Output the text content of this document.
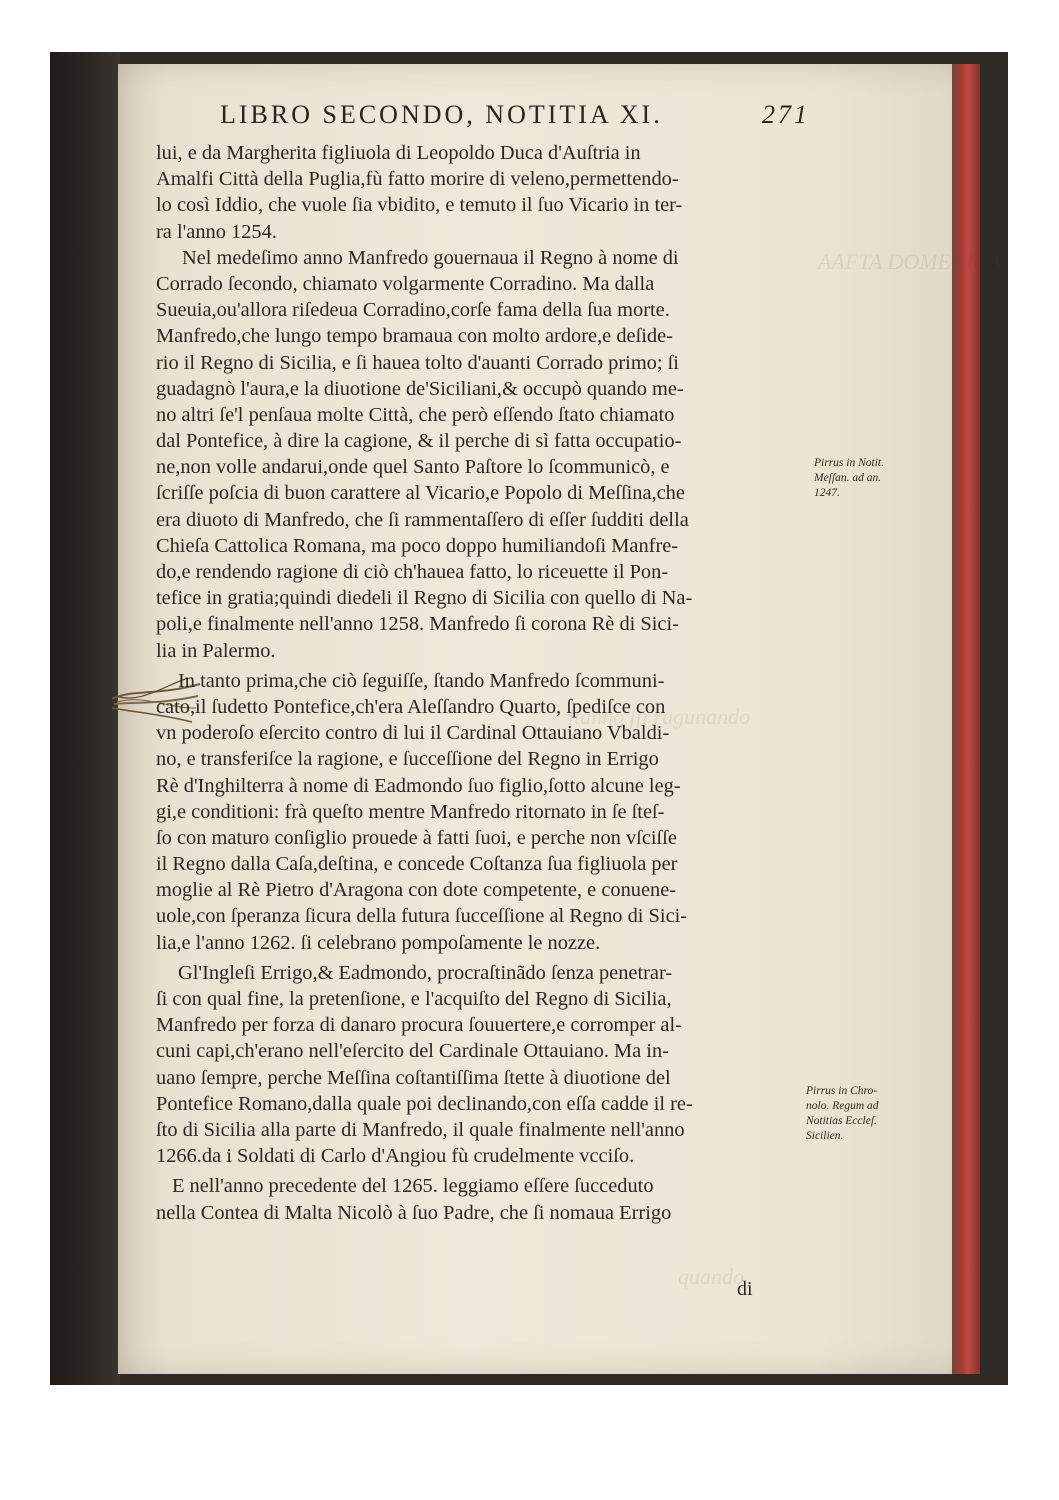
AAFTA DOMENICA
ſtanno ſſi ragunando
quando
LIBRO SECONDO, NOTITIA XI.	271
lui, e da Margherita figliuola di Leopoldo Duca d'Auſtria in
Amalfi Città della Puglia,fù fatto morire di veleno,permettendo-
lo così Iddio, che vuole ſia vbidito, e temuto il ſuo Vicario in ter-
ra l'anno 1254.
Nel medeſimo anno Manfredo gouernaua il Regno à nome di
Corrado ſecondo, chiamato volgarmente Corradino. Ma dalla
Sueuia,ou'allora riſedeua Corradino,corſe fama della ſua morte.
Manfredo,che lungo tempo bramaua con molto ardore,e deſide-
rio il Regno di Sicilia, e ſi hauea tolto d'auanti Corrado primo; ſi
guadagnò l'aura,e la diuotione de'Siciliani,& occupò quando me-
no altri ſe'l penſaua molte Città, che però eſſendo ſtato chiamato
dal Pontefice, à dire la cagione, & il perche di sì fatta occupatio-
ne,non volle andarui,onde quel Santo Paſtore lo ſcommunicò, e
ſcriſſe poſcia di buon carattere al Vicario,e Popolo di Meſſina,che
era diuoto di Manfredo, che ſi rammentaſſero di eſſer ſudditi della
Chieſa Cattolica Romana, ma poco doppo humiliandoſi Manfre-
do,e rendendo ragione di ciò ch'hauea fatto, lo riceuette il Pon-
tefice in gratia;quindi diedeli il Regno di Sicilia con quello di Na-
poli,e finalmente nell'anno 1258. Manfredo ſi corona Rè di Sici-
lia in Palermo.
In tanto prima,che ciò ſeguiſſe, ſtando Manfredo ſcommuni-
cato,il ſudetto Pontefice,ch'era Aleſſandro Quarto, ſpediſce con
vn poderoſo eſercito contro di lui il Cardinal Ottauiano Vbaldi-
no, e transferiſce la ragione, e ſucceſſione del Regno in Errigo
Rè d'Inghilterra à nome di Eadmondo ſuo figlio,ſotto alcune leg-
gi,e conditioni: frà queſto mentre Manfredo ritornato in ſe ſteſ-
ſo con maturo conſiglio prouede à fatti ſuoi, e perche non vſciſſe
il Regno dalla Caſa,deſtina, e concede Coſtanza ſua figliuola per
moglie al Rè Pietro d'Aragona con dote competente, e conuene-
uole,con ſperanza ſicura della futura ſucceſſione al Regno di Sici-
lia,e l'anno 1262. ſi celebrano pompoſamente le nozze.
Gl'Ingleſi Errigo,& Eadmondo, procraſtinãdo ſenza penetrar-
ſi con qual fine, la pretenſione, e l'acquiſto del Regno di Sicilia,
Manfredo per forza di danaro procura ſouuertere,e corromper al-
cuni capi,ch'erano nell'eſercito del Cardinale Ottauiano. Ma in-
uano ſempre, perche Meſſina coſtantiſſima ſtette à diuotione del
Pontefice Romano,dalla quale poi declinando,con eſſa cadde il re-
ſto di Sicilia alla parte di Manfredo, il quale finalmente nell'anno
1266.da i Soldati di Carlo d'Angiou fù crudelmente vcciſo.
E nell'anno precedente del 1265. leggiamo eſſere ſucceduto
nella Contea di Malta Nicolò à ſuo Padre, che ſi nomaua Errigo
Pirrus in Notit.
Meſſan. ad an.
1247.
Pirrus in Chro-
nolo. Regum ad
Notitias Eccleſ.
Sicilien.
di
